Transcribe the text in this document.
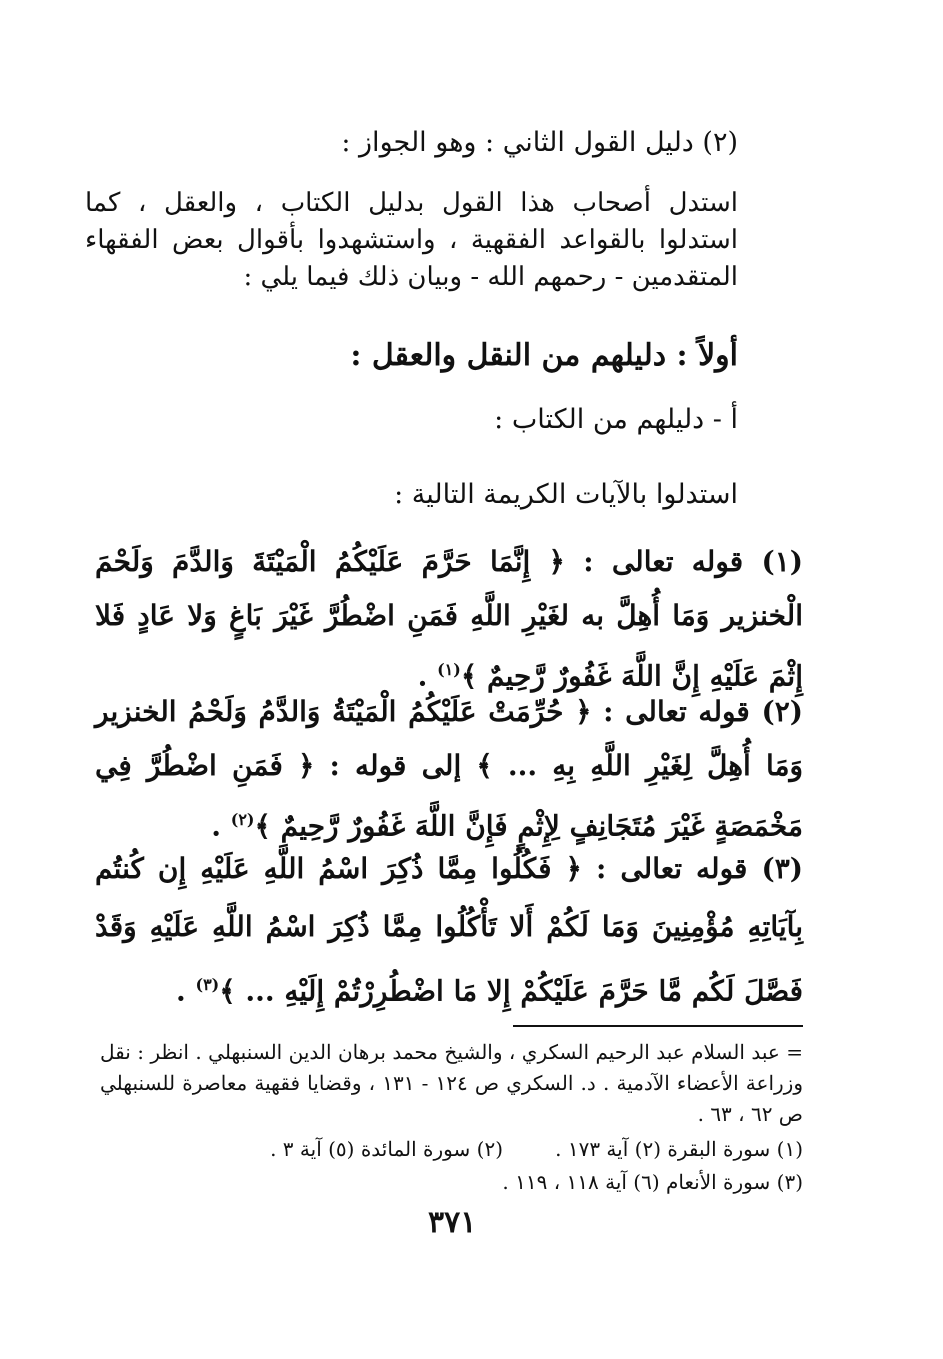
(٢) دليل القول الثاني : وهو الجواز :
استدل أصحاب هذا القول بدليل الكتاب ، والعقل ، كما استدلوا بالقواعد الفقهية ، واستشهدوا بأقوال بعض الفقهاء المتقدمين - رحمهم الله - وبيان ذلك فيما يلي :
أولاً : دليلهم من النقل والعقل :
أ - دليلهم من الكتاب :
استدلوا بالآيات الكريمة التالية :
(١) قوله تعالى : ﴿ إِنَّمَا حَرَّمَ عَلَيْكُمُ الْمَيْتَةَ وَالدَّمَ وَلَحْمَ الْخنزير وَمَا أُهِلَّ به لغَيْرِ اللَّهِ فَمَنِ اضْطُرَّ غَيْرَ بَاغٍ وَلا عَادٍ فَلا إِثْمَ عَلَيْهِ إِنَّ اللَّهَ غَفُورٌ رَّحِيمٌ ﴾$^{(١)}$ .
(٢) قوله تعالى : ﴿ حُرِّمَتْ عَلَيْكُمُ الْمَيْتَةُ وَالدَّمُ وَلَحْمُ الخنزير وَمَا أُهِلَّ لِغَيْرِ اللَّهِ بِهِ ... ﴾ إلى قوله : ﴿ فَمَنِ اضْطُرَّ فِي مَخْمَصَةٍ غَيْرَ مُتَجَانِفٍ لِإِثْمٍ فَإِنَّ اللَّهَ غَفُورٌ رَّحِيمٌ ﴾$^{(٢)}$ .
(٣) قوله تعالى : ﴿ فَكُلُوا مِمَّا ذُكِرَ اسْمُ اللَّهِ عَلَيْهِ إِن كُنتُم بِآيَاتِهِ مُؤْمِنِينَ وَمَا لَكُمْ أَلا تَأْكُلُوا مِمَّا ذُكِرَ اسْمُ اللَّهِ عَلَيْهِ وَقَدْ فَصَّلَ لَكُم مَّا حَرَّمَ عَلَيْكُمْ إِلا مَا اضْطُرِرْتُمْ إِلَيْهِ ... ﴾$^{(٣)}$ .
= عبد السلام عبد الرحيم السكري ، والشيخ محمد برهان الدين السنبهلي . انظر : نقل وزراعة الأعضاء الآدمية . د. السكري ص ١٢٤ - ١٣١ ، وقضايا فقهية معاصرة للسنبهلي ص ٦٢ ، ٦٣ .
(١) سورة البقرة (٢) آية ١٧٣ .
(٢) سورة المائدة (٥) آية ٣ .
(٣) سورة الأنعام (٦) آية ١١٨ ، ١١٩ .
٣٧١
